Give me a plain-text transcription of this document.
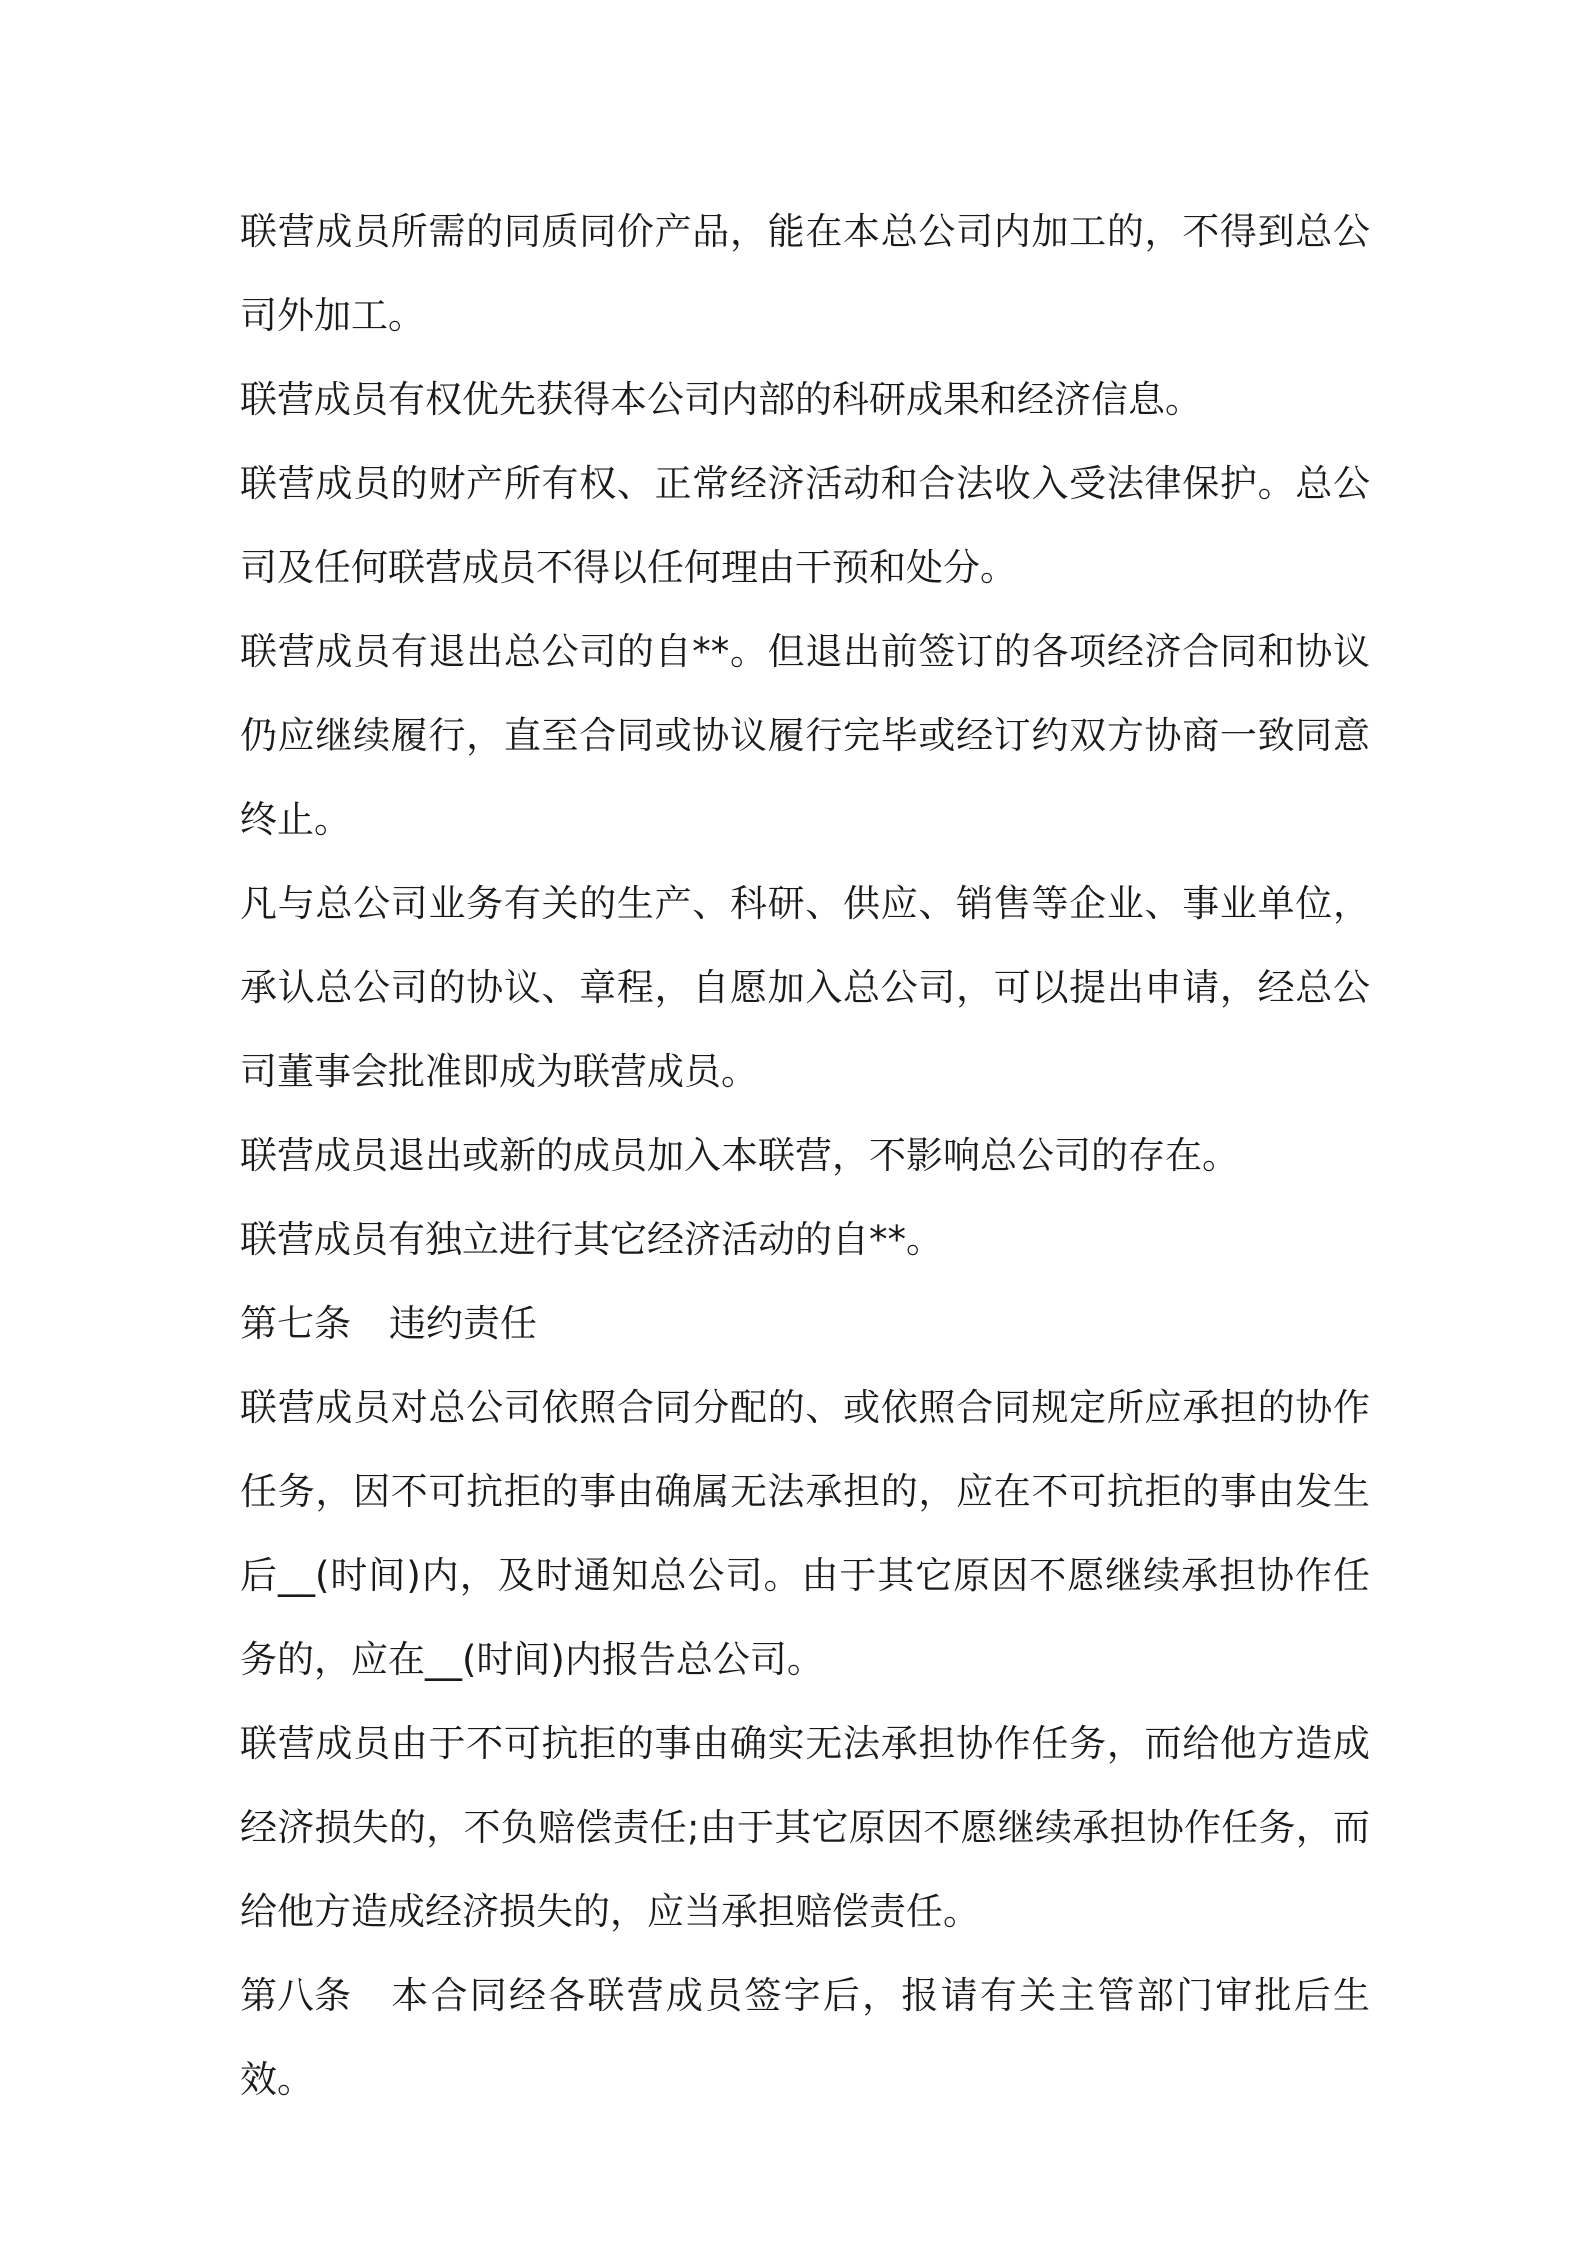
联营成员所需的同质同价产品，能在本总公司内加工的，不得到总公司外加工。

联营成员有权优先获得本公司内部的科研成果和经济信息。

联营成员的财产所有权、正常经济活动和合法收入受法律保护。总公司及任何联营成员不得以任何理由干预和处分。

联营成员有退出总公司的自**。但退出前签订的各项经济合同和协议仍应继续履行，直至合同或协议履行完毕或经订约双方协商一致同意终止。

凡与总公司业务有关的生产、科研、供应、销售等企业、事业单位，承认总公司的协议、章程，自愿加入总公司，可以提出申请，经总公司董事会批准即成为联营成员。

联营成员退出或新的成员加入本联营，不影响总公司的存在。

联营成员有独立进行其它经济活动的自**。

第七条 违约责任

联营成员对总公司依照合同分配的、或依照合同规定所应承担的协作任务，因不可抗拒的事由确属无法承担的，应在不可抗拒的事由发生后__(时间)内，及时通知总公司。由于其它原因不愿继续承担协作任务的，应在__(时间)内报告总公司。

联营成员由于不可抗拒的事由确实无法承担协作任务，而给他方造成经济损失的，不负赔偿责任;由于其它原因不愿继续承担协作任务，而给他方造成经济损失的，应当承担赔偿责任。

第八条 本合同经各联营成员签字后，报请有关主管部门审批后生效。
